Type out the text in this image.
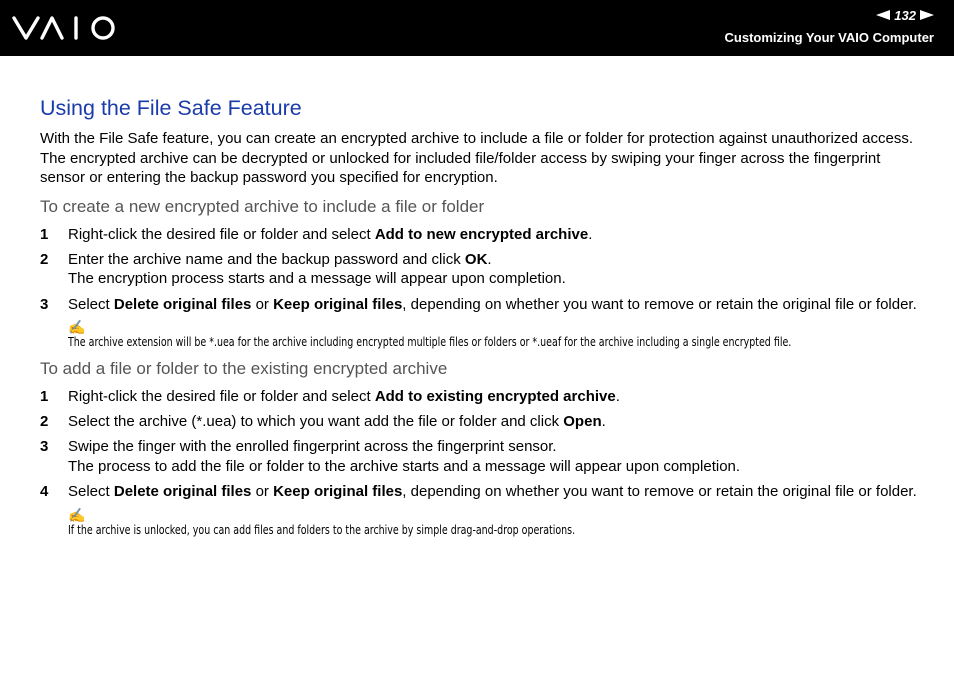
132
Customizing Your VAIO Computer
Using the File Safe Feature

With the File Safe feature, you can create an encrypted archive to include a file or folder for protection against unauthorized access. The encrypted archive can be decrypted or unlocked for included file/folder access by swiping your finger across the fingerprint sensor or entering the backup password you specified for encryption.

To create a new encrypted archive to include a file or folder
1 Right-click the desired file or folder and select Add to new encrypted archive.
2 Enter the archive name and the backup password and click OK.
The encryption process starts and a message will appear upon completion.
3 Select Delete original files or Keep original files, depending on whether you want to remove or retain the original file or folder.
✍
The archive extension will be *.uea for the archive including encrypted multiple files or folders or *.ueaf for the archive including a single encrypted file.
To add a file or folder to the existing encrypted archive
1 Right-click the desired file or folder and select Add to existing encrypted archive.
2 Select the archive (*.uea) to which you want add the file or folder and click Open.
3 Swipe the finger with the enrolled fingerprint across the fingerprint sensor.
The process to add the file or folder to the archive starts and a message will appear upon completion.
4 Select Delete original files or Keep original files, depending on whether you want to remove or retain the original file or folder.
✍
If the archive is unlocked, you can add files and folders to the archive by simple drag-and-drop operations.
